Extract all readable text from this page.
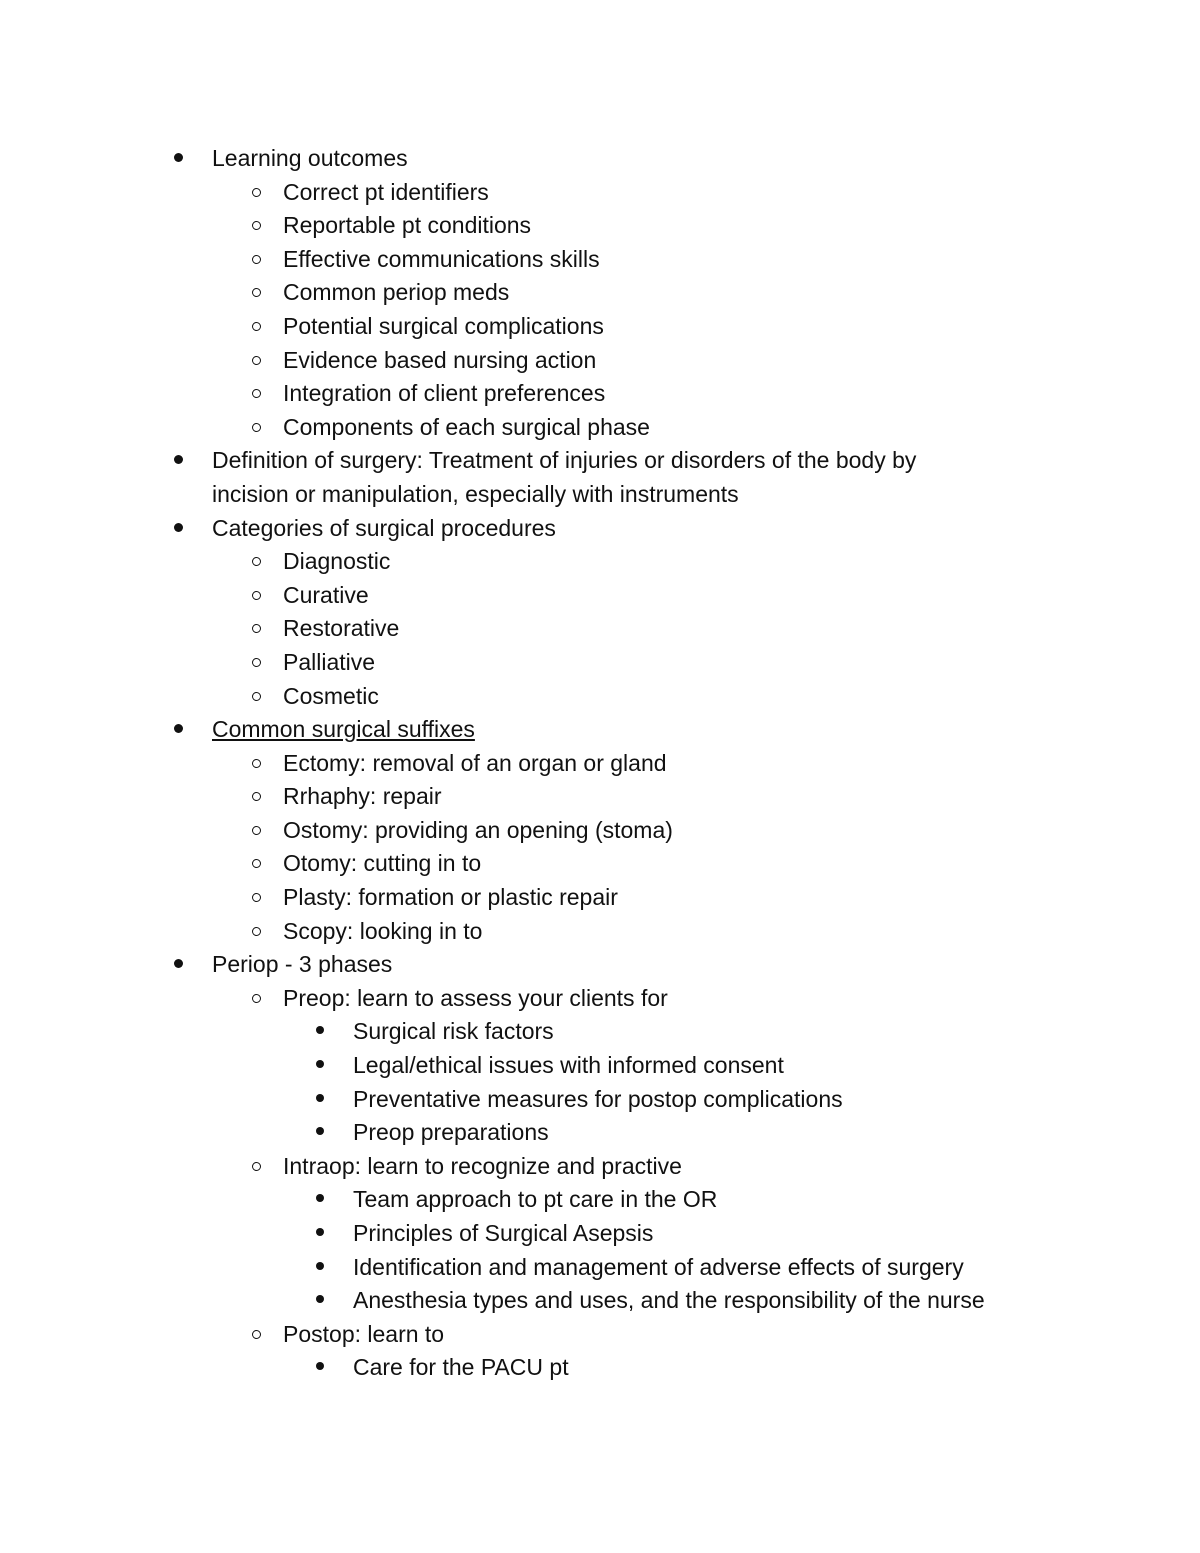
Learning outcomes
Correct pt identifiers
Reportable pt conditions
Effective communications skills
Common periop meds
Potential surgical complications
Evidence based nursing action
Integration of client preferences
Components of each surgical phase
Definition of surgery: Treatment of injuries or disorders of the body by
incision or manipulation, especially with instruments
Categories of surgical procedures
Diagnostic
Curative
Restorative
Palliative
Cosmetic
Common surgical suffixes
Ectomy: removal of an organ or gland
Rrhaphy: repair
Ostomy: providing an opening (stoma)
Otomy: cutting in to
Plasty: formation or plastic repair
Scopy: looking in to
Periop - 3 phases
Preop: learn to assess your clients for
Surgical risk factors
Legal/ethical issues with informed consent
Preventative measures for postop complications
Preop preparations
Intraop: learn to recognize and practive
Team approach to pt care in the OR
Principles of Surgical Asepsis
Identification and management of adverse effects of surgery
Anesthesia types and uses, and the responsibility of the nurse
Postop: learn to
Care for the PACU pt
